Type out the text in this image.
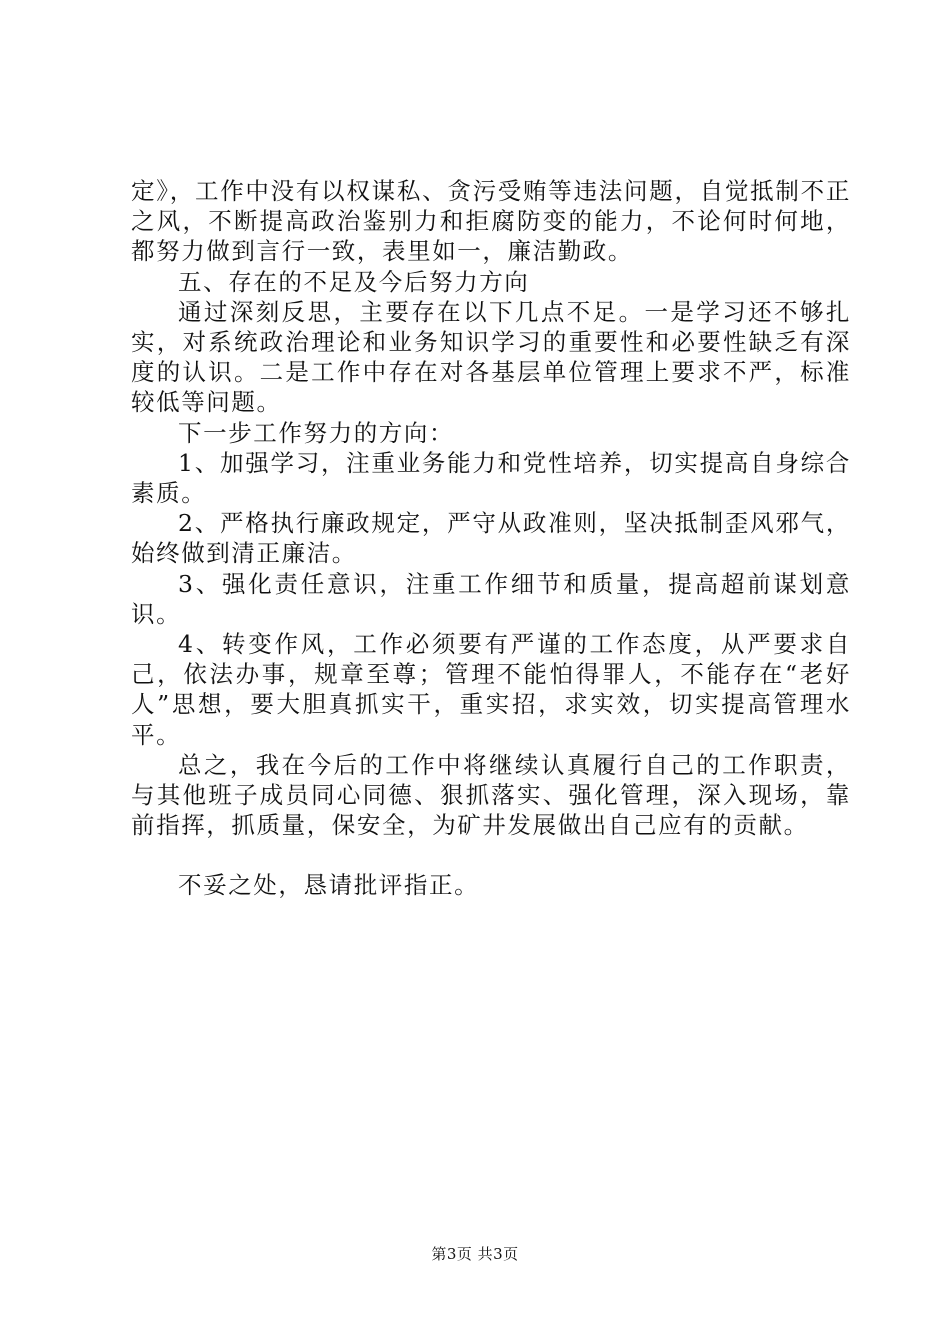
定》，工作中没有以权谋私、贪污受贿等违法问题，自觉抵制不正之风，不断提高政治鉴别力和拒腐防变的能力，不论何时何地，都努力做到言行一致，表里如一，廉洁勤政。

五、存在的不足及今后努力方向

通过深刻反思，主要存在以下几点不足。一是学习还不够扎实，对系统政治理论和业务知识学习的重要性和必要性缺乏有深度的认识。二是工作中存在对各基层单位管理上要求不严，标准较低等问题。

下一步工作努力的方向：

1、加强学习，注重业务能力和党性培养，切实提高自身综合素质。

2、严格执行廉政规定，严守从政准则，坚决抵制歪风邪气，始终做到清正廉洁。

3、强化责任意识，注重工作细节和质量，提高超前谋划意识。

4、转变作风，工作必须要有严谨的工作态度，从严要求自己，依法办事，规章至尊；管理不能怕得罪人，不能存在“老好人”思想，要大胆真抓实干，重实招，求实效，切实提高管理水平。

总之，我在今后的工作中将继续认真履行自己的工作职责，与其他班子成员同心同德、狠抓落实、强化管理，深入现场，靠前指挥，抓质量，保安全，为矿井发展做出自己应有的贡献。

不妥之处，恳请批评指正。

第3页 共3页
